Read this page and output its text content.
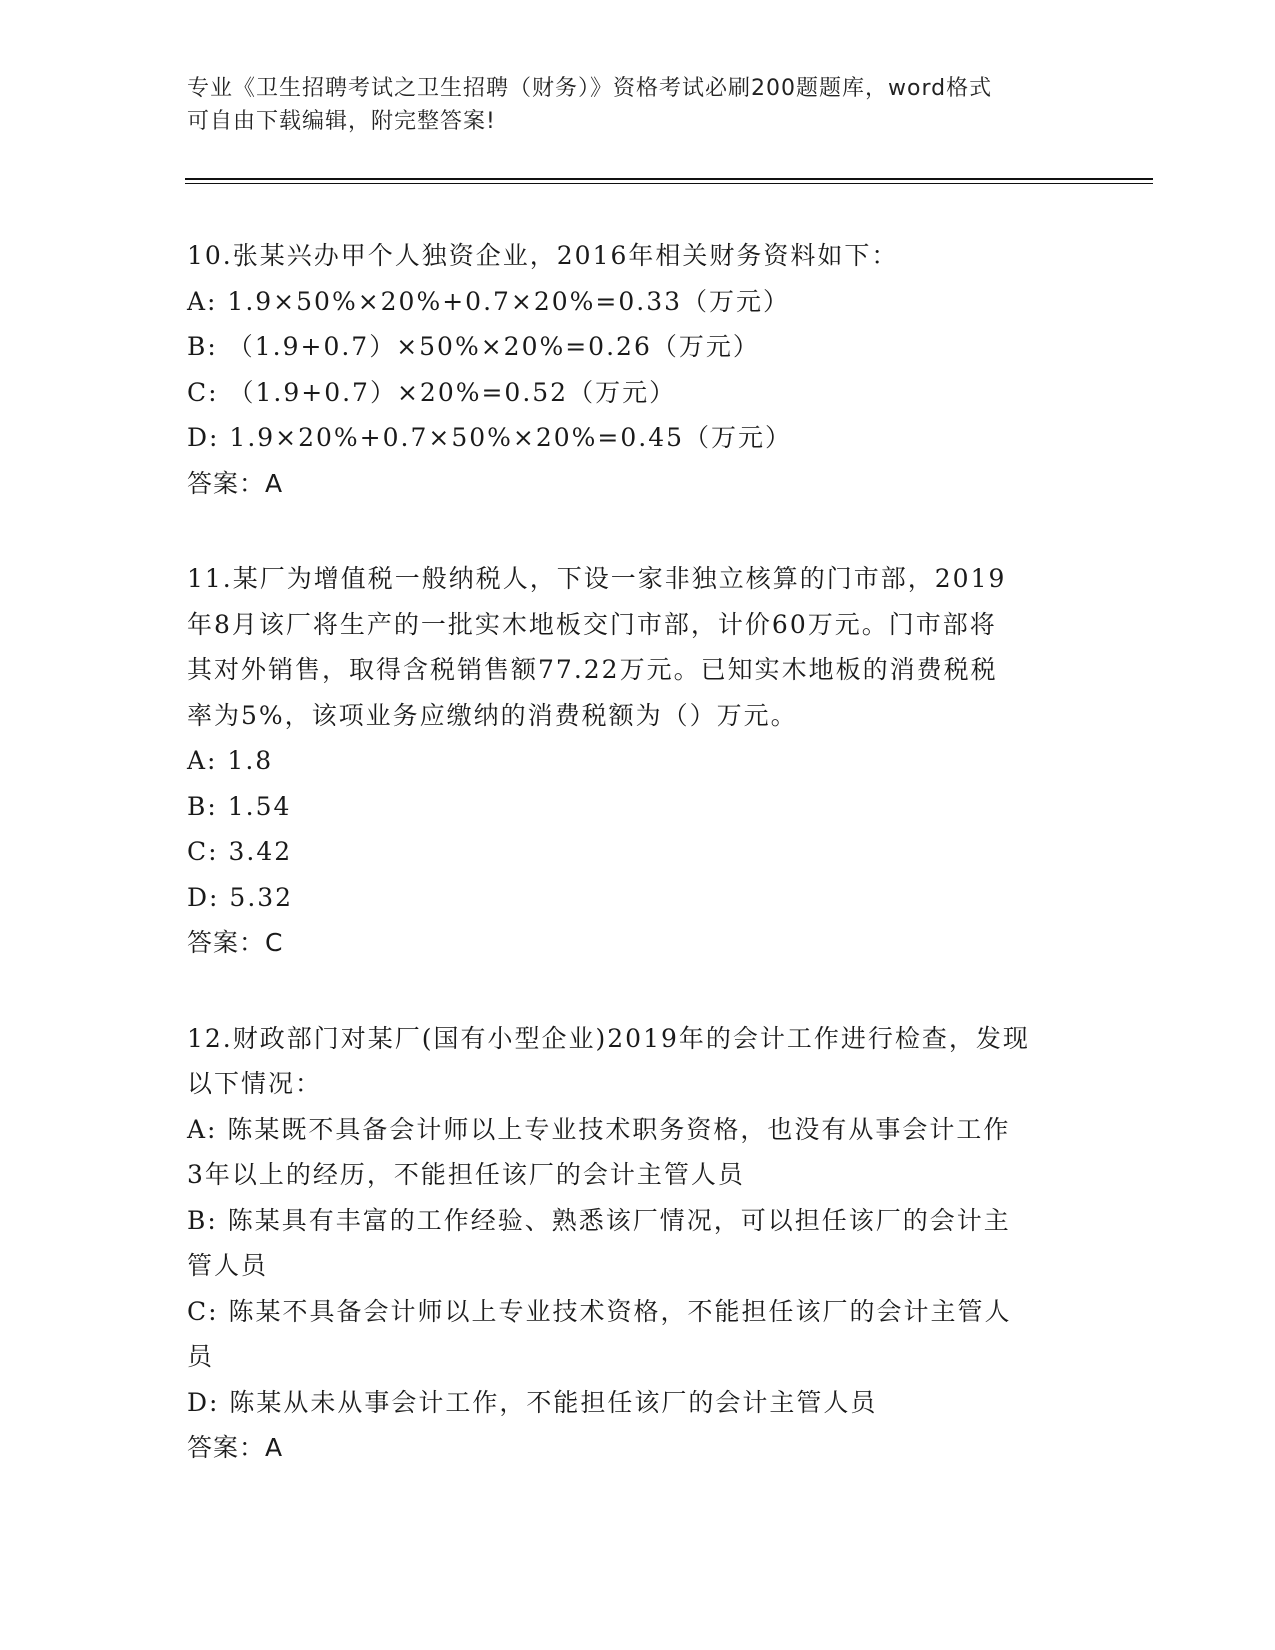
专业《卫生招聘考试之卫生招聘（财务）》资格考试必刷200题题库，word格式
可自由下载编辑，附完整答案!
10.张某兴办甲个人独资企业，2016年相关财务资料如下：
A: 1.9×50%×20%+0.7×20%=0.33（万元）
B: （1.9+0.7）×50%×20%=0.26（万元）
C: （1.9+0.7）×20%=0.52（万元）
D: 1.9×20%+0.7×50%×20%=0.45（万元）
答案：A
11.某厂为增值税一般纳税人，下设一家非独立核算的门市部，2019
年8月该厂将生产的一批实木地板交门市部，计价60万元。门市部将
其对外销售，取得含税销售额77.22万元。已知实木地板的消费税税
率为5%，该项业务应缴纳的消费税额为（）万元。
A: 1.8
B: 1.54
C: 3.42
D: 5.32
答案：C
12.财政部门对某厂(国有小型企业)2019年的会计工作进行检查，发现
以下情况：
A: 陈某既不具备会计师以上专业技术职务资格，也没有从事会计工作
3年以上的经历，不能担任该厂的会计主管人员
B: 陈某具有丰富的工作经验、熟悉该厂情况，可以担任该厂的会计主
管人员
C: 陈某不具备会计师以上专业技术资格，不能担任该厂的会计主管人
员
D: 陈某从未从事会计工作，不能担任该厂的会计主管人员
答案：A
